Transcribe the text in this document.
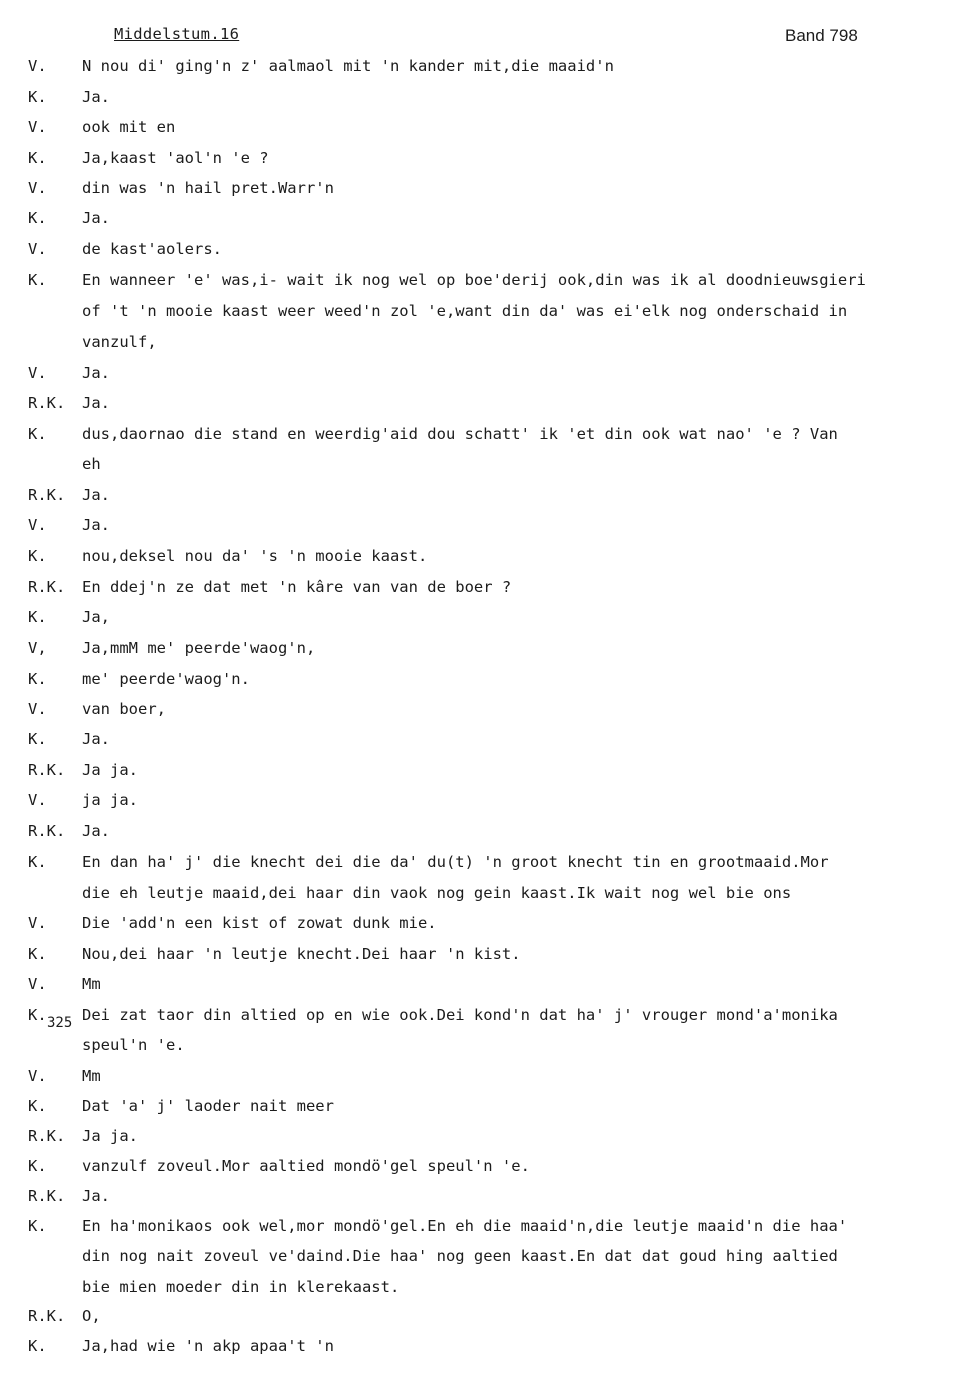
Middelstum.16	Band 798
V. N nou di' ging'n z' aalmaol mit 'n kander mit,die maaid'n
K. Ja.
V. ook mit en
K. Ja,kaast 'aol'n 'e ?
V. din was 'n hail pret.Warr'n
K. Ja.
V. de kast'aolers.
K. En wanneer 'e' was,i- wait ik nog wel op boe'derij ook,din was ik al doodnieuwsgieri
of 't 'n mooie kaast weer weed'n zol 'e,want din da' was ei'elk nog onderschaid in
vanzulf,
V. Ja.
R.K. Ja.
K. dus,daornao die stand en weerdig'aid dou schatt' ik 'et din ook wat nao' 'e ? Van
eh
R.K. Ja.
V. Ja.
K. nou,deksel nou da' 's 'n mooie kaast.
R.K. En ddej'n ze dat met 'n kâre van van de boer ?
K. Ja,
V, Ja,mmM me' peerde'waog'n,
K. me' peerde'waog'n.
V. van boer,
K. Ja.
R.K. Ja ja.
V. ja ja.
R.K. Ja.
K. En dan ha' j' die knecht dei die da' du(t) 'n groot knecht tin en grootmaaid.Mor
die eh leutje maaid,dei haar din vaok nog gein kaast.Ik wait nog wel bie ons
V. Die 'add'n een kist of zowat dunk mie.
K. Nou,dei haar 'n leutje knecht.Dei haar 'n kist.
V. Mm
K. Dei zat taor din altied op en wie ook.Dei kond'n dat ha' j' vrouger mond'a'monika
325
speul'n 'e.
V. Mm
K. Dat 'a' j' laoder nait meer
R.K. Ja ja.
K. vanzulf zoveul.Mor aaltied mondö'gel speul'n 'e.
R.K. Ja.
K. En ha'monikaos ook wel,mor mondö'gel.En eh die maaid'n,die leutje maaid'n die haa'
din nog nait zoveul ve'daind.Die haa' nog geen kaast.En dat dat goud hing aaltied
bie mien moeder din in klerekaast.
R.K. O,
K. Ja,had wie 'n akp apaa't 'n
